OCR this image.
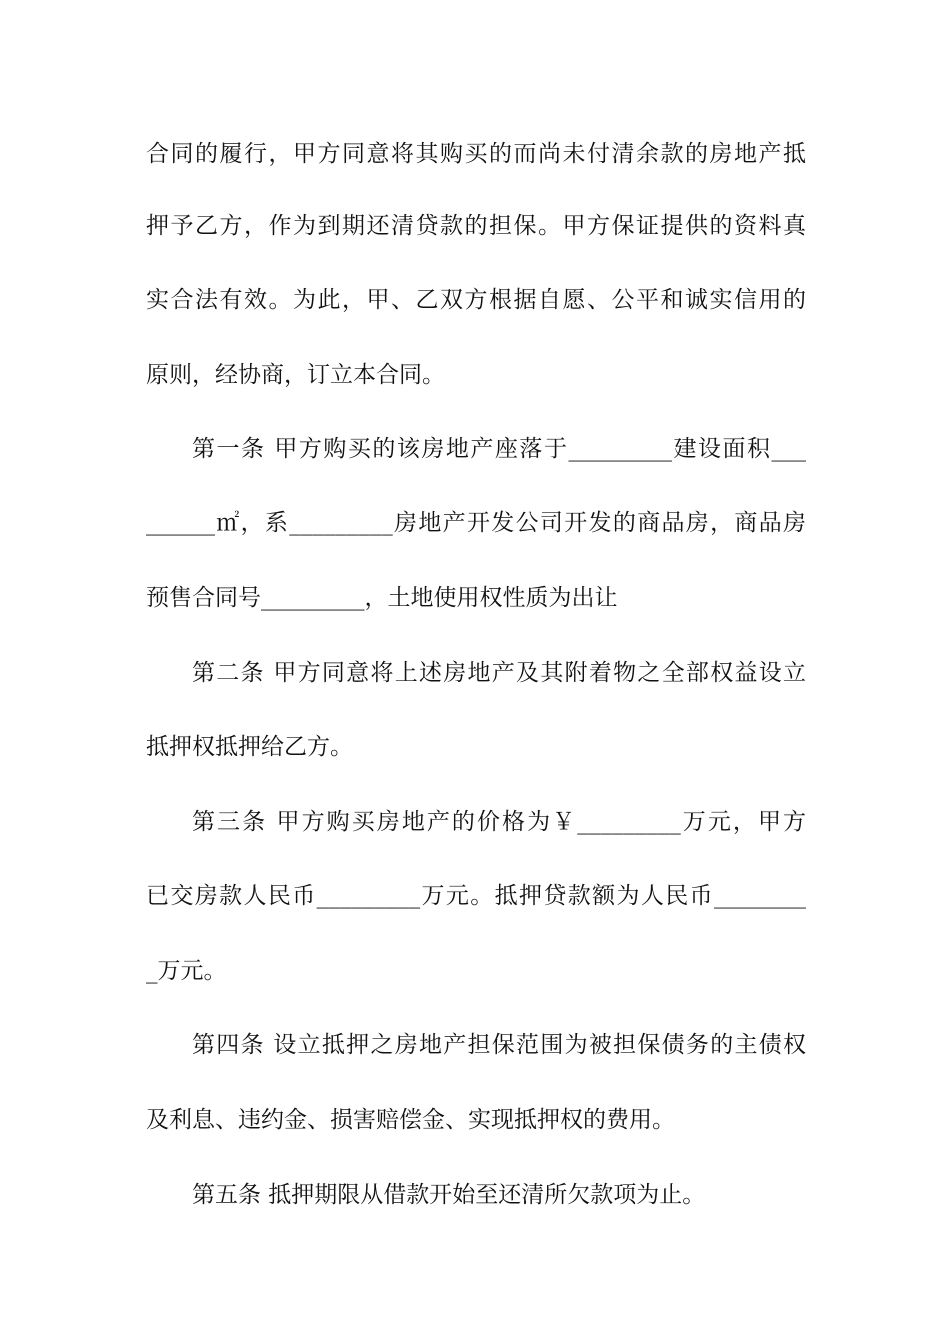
合同的履行，甲方同意将其购买的而尚未付清余款的房地产抵
押予乙方，作为到期还清贷款的担保。甲方保证提供的资料真
实合法有效。为此，甲、乙双方根据自愿、公平和诚实信用的
原则，经协商，订立本合同。
第一条 甲方购买的该房地产座落于_________建设面积___
______㎡，系_________房地产开发公司开发的商品房，商品房
预售合同号_________，土地使用权性质为出让
第二条 甲方同意将上述房地产及其附着物之全部权益设立
抵押权抵押给乙方。
第三条 甲方购买房地产的价格为￥_________万元，甲方
已交房款人民币_________万元。抵押贷款额为人民币________
_万元。
第四条 设立抵押之房地产担保范围为被担保债务的主债权
及利息、违约金、损害赔偿金、实现抵押权的费用。
第五条 抵押期限从借款开始至还清所欠款项为止。
